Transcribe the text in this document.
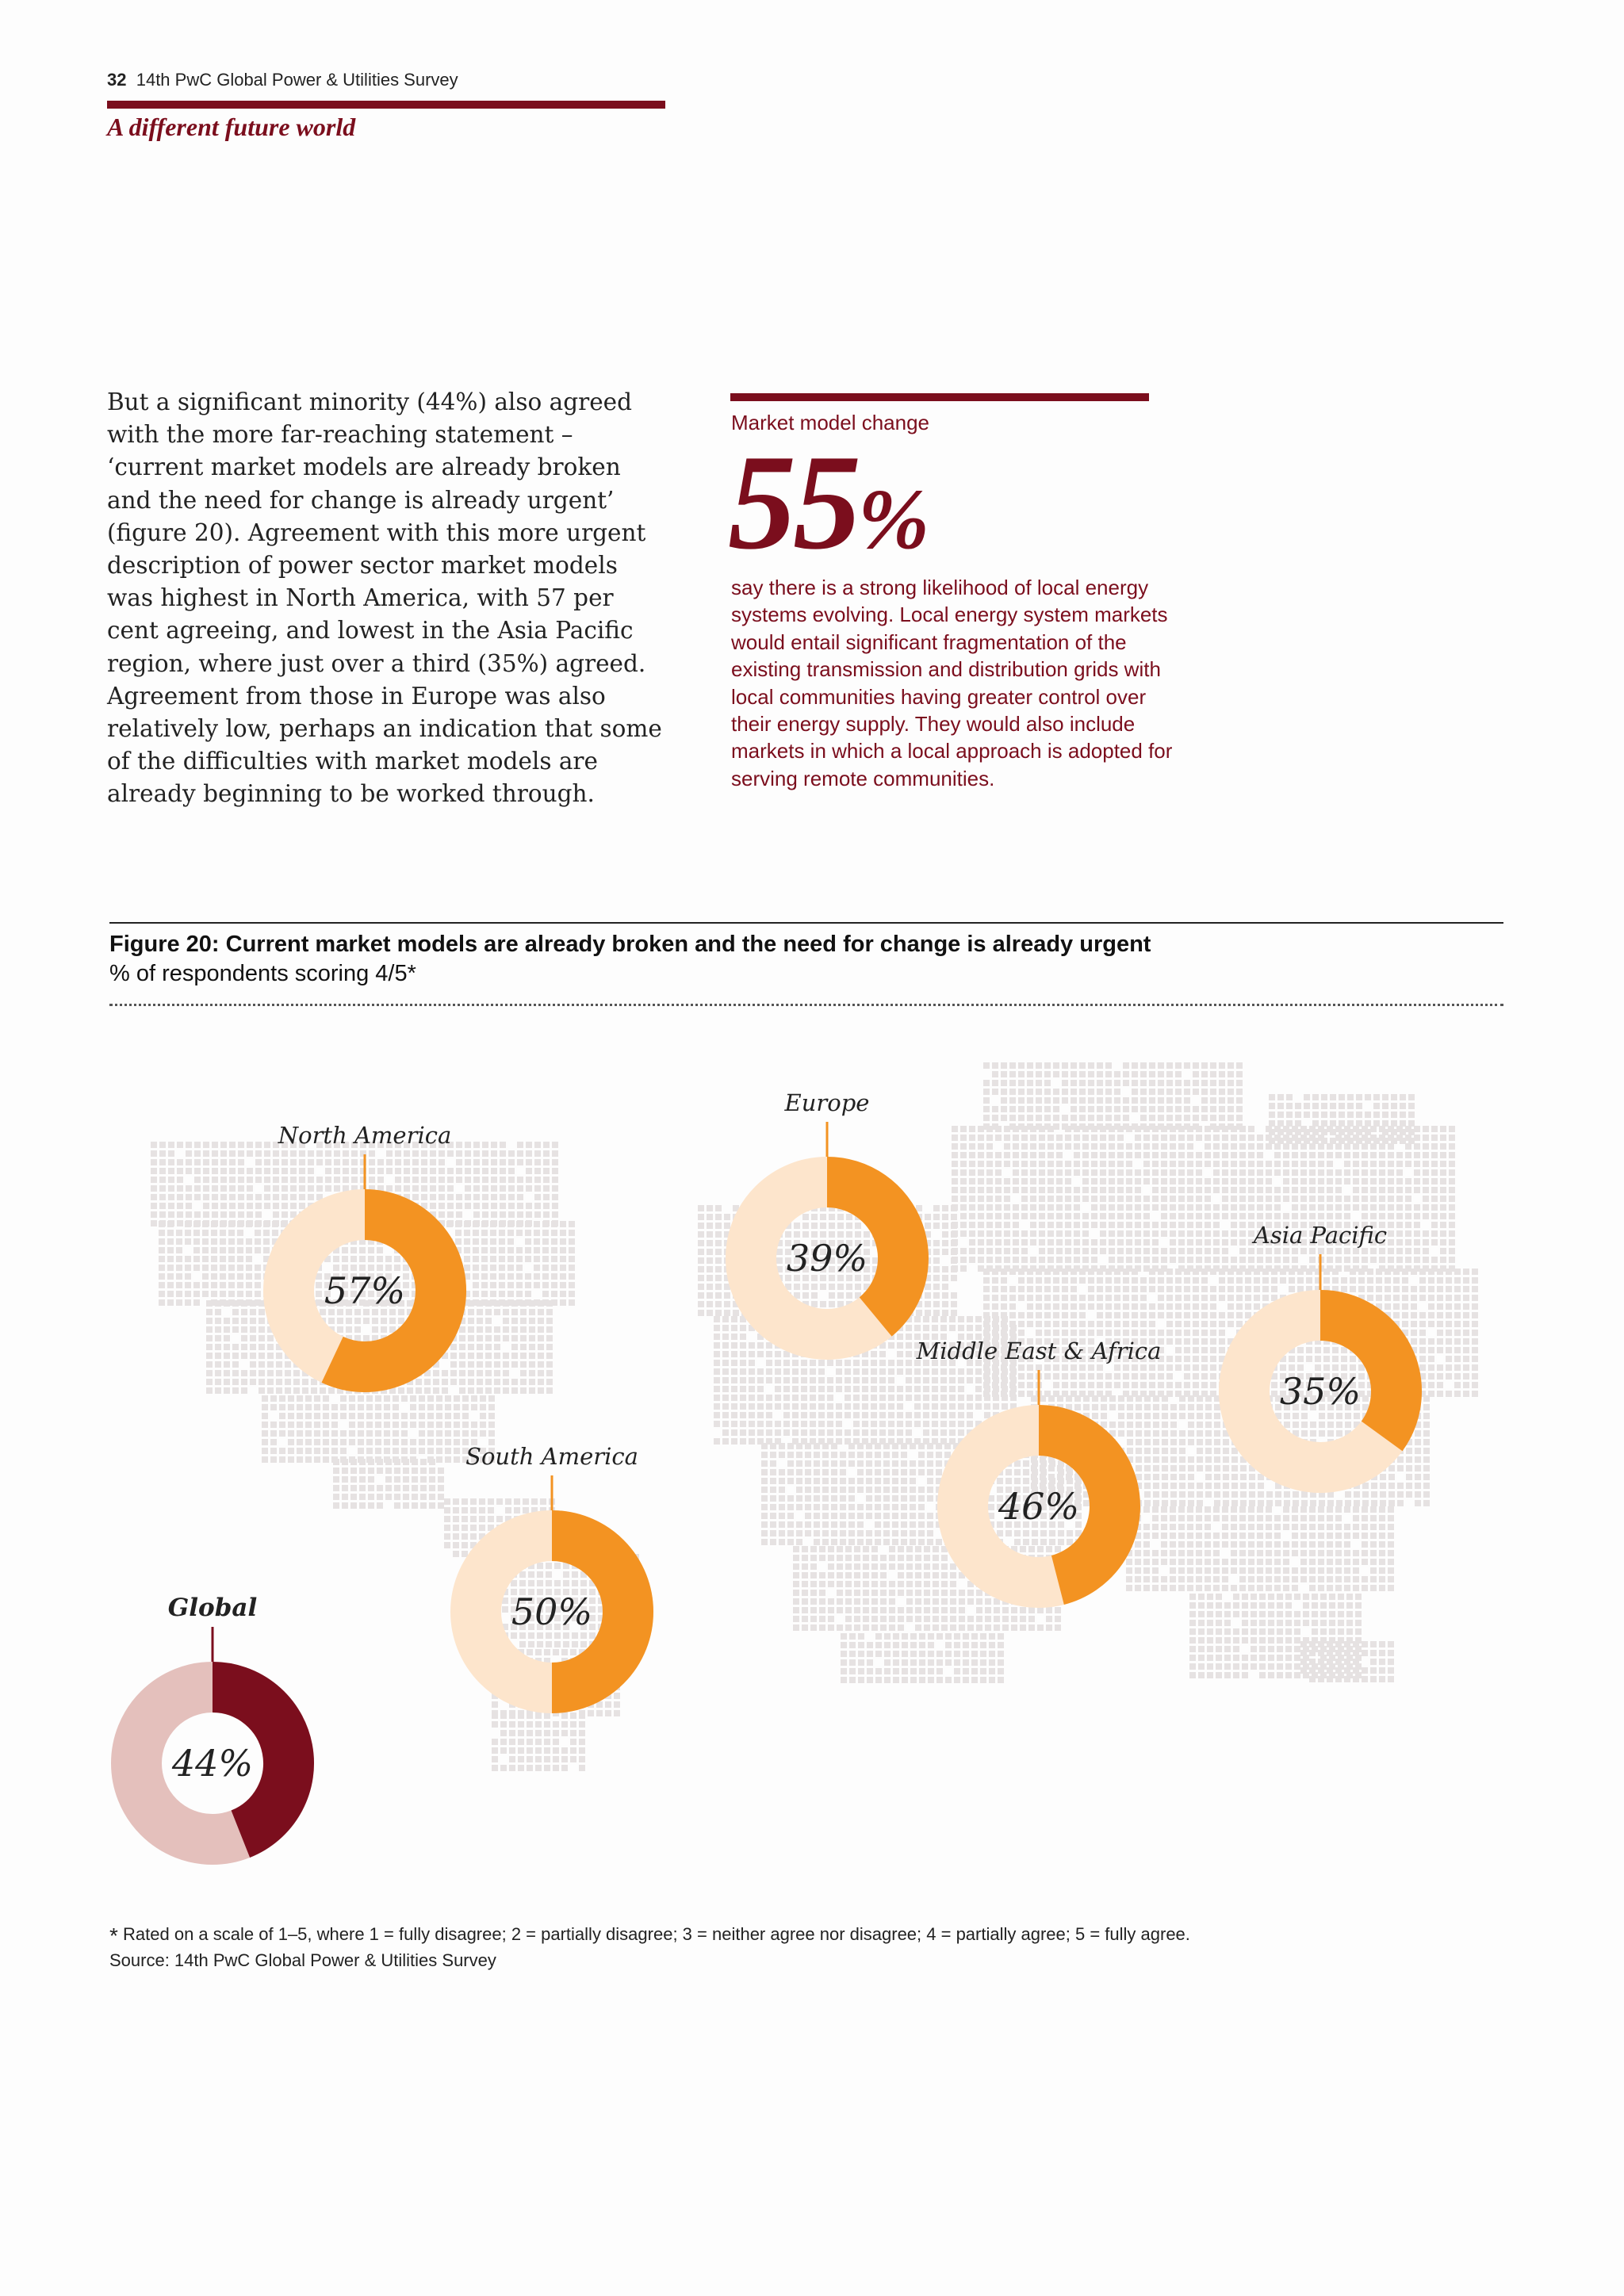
32 14th PwC Global Power & Utilities Survey
A different future world
But a significant minority (44%) also agreed with the more far-reaching statement – ‘current market models are already broken and the need for change is already urgent’ (figure 20). Agreement with this more urgent description of power sector market models was highest in North America, with 57 per cent agreeing, and lowest in the Asia Pacific region, where just over a third (35%) agreed. Agreement from those in Europe was also relatively low, perhaps an indication that some of the difficulties with market models are already beginning to be worked through.
Market model change
55%
say there is a strong likelihood of local energy systems evolving. Local energy system markets would entail significant fragmentation of the existing transmission and distribution grids with local communities having greater control over their energy supply. They would also include markets in which a local approach is adopted for serving remote communities.
Figure 20: Current market models are already broken and the need for change is already urgent
% of respondents scoring 4/5*
North America
57%
Europe
39%
Asia Pacific
35%
Middle East & Africa
46%
South America
50%
Global
44%
* Rated on a scale of 1–5, where 1 = fully disagree; 2 = partially disagree; 3 = neither agree nor disagree; 4 = partially agree; 5 = fully agree.
Source: 14th PwC Global Power & Utilities Survey
